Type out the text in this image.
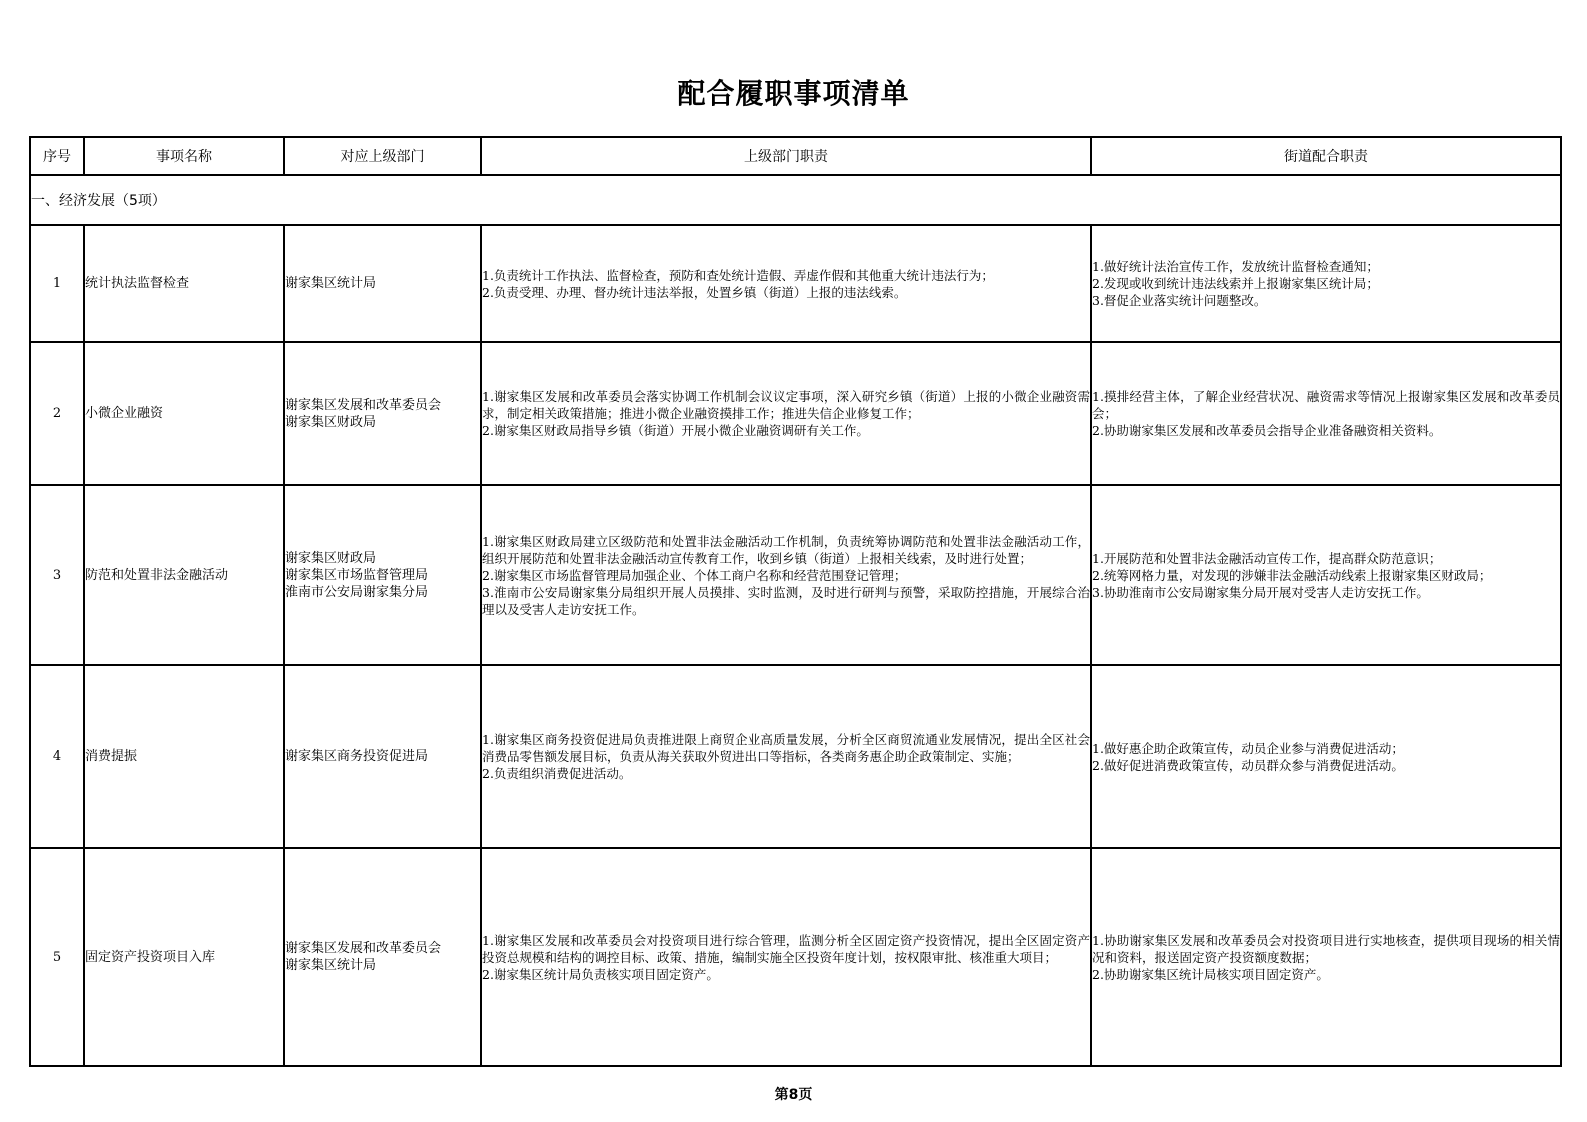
配合履职事项清单
序号	事项名称	对应上级部门	上级部门职责	街道配合职责
一、经济发展（5项）				
1	统计执法监督检查	谢家集区统计局	1.负责统计工作执法、监督检查，预防和查处统计造假、弄虚作假和其他重大统计违法行为；
2.负责受理、办理、督办统计违法举报，处置乡镇（街道）上报的违法线索。	1.做好统计法治宣传工作，发放统计监督检查通知；
2.发现或收到统计违法线索并上报谢家集区统计局；
3.督促企业落实统计问题整改。

2	小微企业融资	谢家集区发展和改革委员会
谢家集区财政局	1.谢家集区发展和改革委员会落实协调工作机制会议议定事项，深入研究乡镇（街道）上报的小微企业融资需求，制定相关政策措施；推进小微企业融资摸排工作；推进失信企业修复工作；
2.谢家集区财政局指导乡镇（街道）开展小微企业融资调研有关工作。	1.摸排经营主体，了解企业经营状况、融资需求等情况上报谢家集区发展和改革委员会；
2.协助谢家集区发展和改革委员会指导企业准备融资相关资料。

3	防范和处置非法金融活动	谢家集区财政局
谢家集区市场监督管理局
淮南市公安局谢家集分局	1.谢家集区财政局建立区级防范和处置非法金融活动工作机制，负责统筹协调防范和处置非法金融活动工作，组织开展防范和处置非法金融活动宣传教育工作，收到乡镇（街道）上报相关线索，及时进行处置；
2.谢家集区市场监督管理局加强企业、个体工商户名称和经营范围登记管理；
3.淮南市公安局谢家集分局组织开展人员摸排、实时监测，及时进行研判与预警，采取防控措施，开展综合治理以及受害人走访安抚工作。	1.开展防范和处置非法金融活动宣传工作，提高群众防范意识；
2.统筹网格力量，对发现的涉嫌非法金融活动线索上报谢家集区财政局；
3.协助淮南市公安局谢家集分局开展对受害人走访安抚工作。

4	消费提振	谢家集区商务投资促进局	1.谢家集区商务投资促进局负责推进限上商贸企业高质量发展，分析全区商贸流通业发展情况，提出全区社会消费品零售额发展目标，负责从海关获取外贸进出口等指标，各类商务惠企助企政策制定、实施；
2.负责组织消费促进活动。	1.做好惠企助企政策宣传，动员企业参与消费促进活动；
2.做好促进消费政策宣传，动员群众参与消费促进活动。

5	固定资产投资项目入库	谢家集区发展和改革委员会
谢家集区统计局	1.谢家集区发展和改革委员会对投资项目进行综合管理，监测分析全区固定资产投资情况，提出全区固定资产投资总规模和结构的调控目标、政策、措施，编制实施全区投资年度计划，按权限审批、核准重大项目；
2.谢家集区统计局负责核实项目固定资产。	1.协助谢家集区发展和改革委员会对投资项目进行实地核查，提供项目现场的相关情况和资料，报送固定资产投资额度数据；
2.协助谢家集区统计局核实项目固定资产。
第8页
